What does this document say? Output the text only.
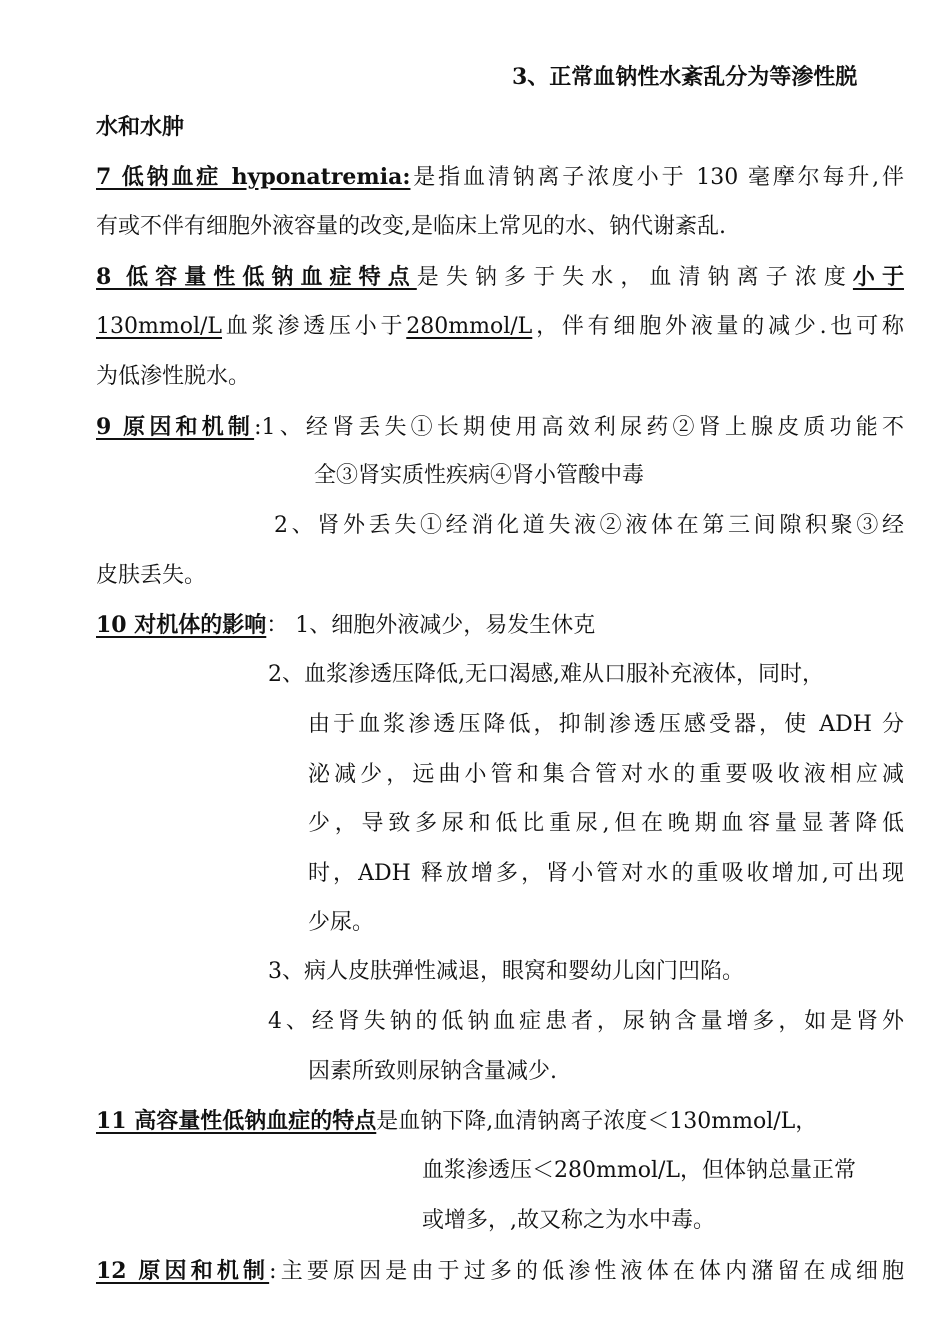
3、正常血钠性水紊乱分为等渗性脱
水和水肿
7 低钠血症 hyponatremia:是指血清钠离子浓度小于 130 毫摩尔每升,伴
有或不伴有细胞外液容量的改变,是临床上常见的水、钠代谢紊乱.
8 低容量性低钠血症特点是失钠多于失水，血清钠离子浓度小于
130mmol/L血浆渗透压小于280mmol/L，伴有细胞外液量的减少.也可称
为低渗性脱水。
9 原因和机制:1、经肾丢失①长期使用高效利尿药②肾上腺皮质功能不
全③肾实质性疾病④肾小管酸中毒
2、肾外丢失①经消化道失液②液体在第三间隙积聚③经
皮肤丢失。
10 对机体的影响： 1、细胞外液减少，易发生休克
2、血浆渗透压降低,无口渴感,难从口服补充液体，同时，
由于血浆渗透压降低，抑制渗透压感受器，使 ADH 分
泌减少，远曲小管和集合管对水的重要吸收液相应减
少，导致多尿和低比重尿,但在晚期血容量显著降低
时，ADH 释放增多，肾小管对水的重吸收增加,可出现
少尿。
3、病人皮肤弹性减退，眼窝和婴幼儿囟门凹陷。
4、经肾失钠的低钠血症患者，尿钠含量增多，如是肾外
因素所致则尿钠含量减少.
11 高容量性低钠血症的特点是血钠下降,血清钠离子浓度＜130mmol/L，
血浆渗透压＜280mmol/L，但体钠总量正常
或增多，,故又称之为水中毒。
12 原因和机制:主要原因是由于过多的低渗性液体在体内潴留在成细胞
